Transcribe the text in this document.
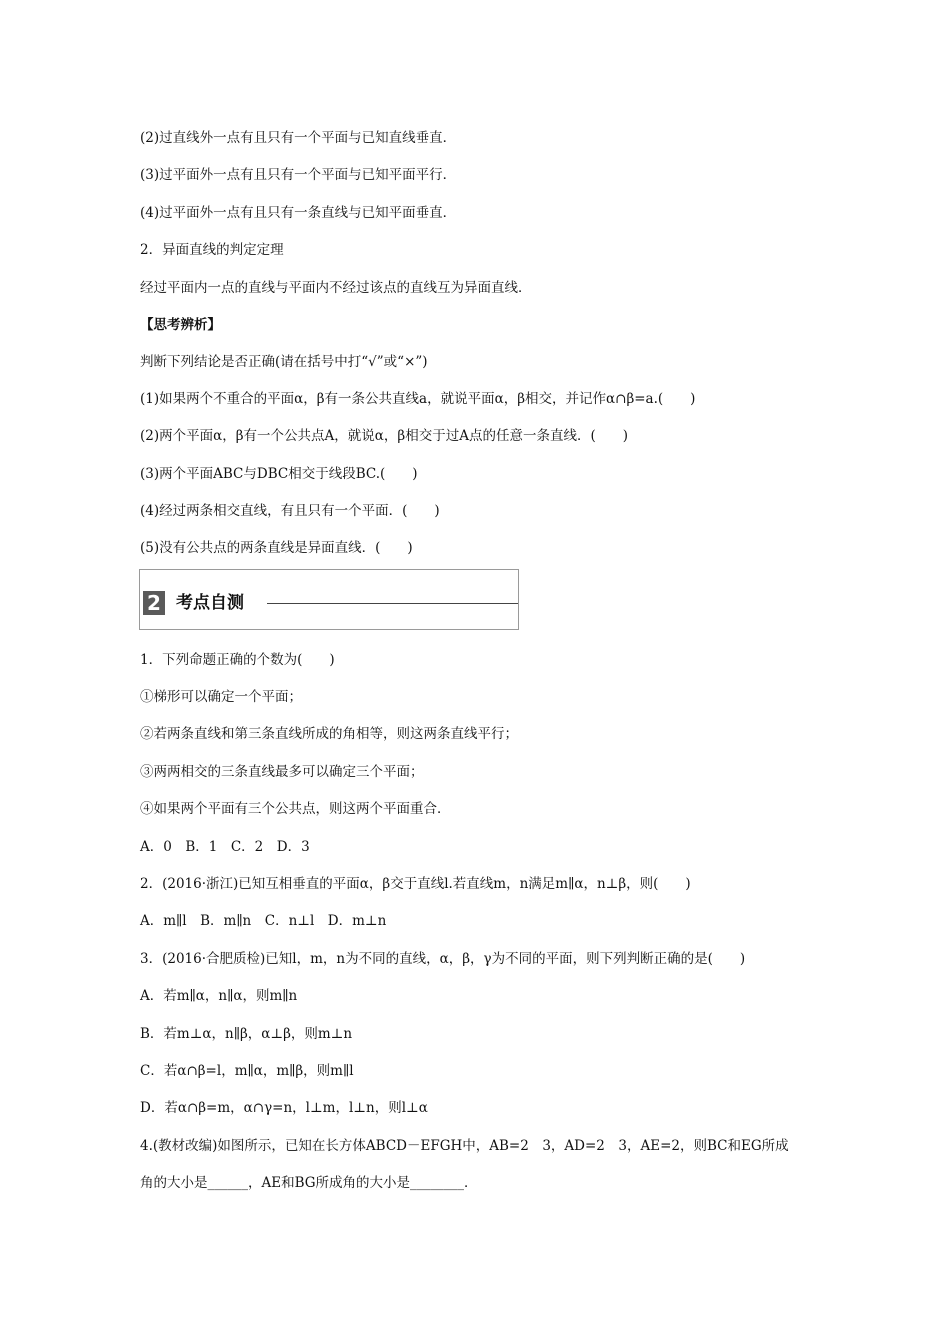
(2)过直线外一点有且只有一个平面与已知直线垂直．
(3)过平面外一点有且只有一个平面与已知平面平行．
(4)过平面外一点有且只有一条直线与已知平面垂直．
2．异面直线的判定定理
经过平面内一点的直线与平面内不经过该点的直线互为异面直线．
【思考辨析】
判断下列结论是否正确(请在括号中打“√”或“×”)
(1)如果两个不重合的平面α，β有一条公共直线a，就说平面α，β相交，并记作α∩β=a.(　　)
(2)两个平面α，β有一个公共点A，就说α，β相交于过A点的任意一条直线．(　　)
(3)两个平面ABC与DBC相交于线段BC.(　　)
(4)经过两条相交直线，有且只有一个平面．(　　)
(5)没有公共点的两条直线是异面直线．(　　)
2 考点自测
1．下列命题正确的个数为(　　)
①梯形可以确定一个平面；
②若两条直线和第三条直线所成的角相等，则这两条直线平行；
③两两相交的三条直线最多可以确定三个平面；
④如果两个平面有三个公共点，则这两个平面重合．
A．0　B．1　C．2　D．3
2．(2016·浙江)已知互相垂直的平面α，β交于直线l.若直线m，n满足m∥α，n⊥β，则(　　)
A．m∥l　B．m∥n　C．n⊥l　D．m⊥n
3．(2016·合肥质检)已知l，m，n为不同的直线，α，β，γ为不同的平面，则下列判断正确的是(　　)
A．若m∥α，n∥α，则m∥n
B．若m⊥α，n∥β，α⊥β，则m⊥n
C．若α∩β=l，m∥α，m∥β，则m∥l
D．若α∩β=m，α∩γ=n，l⊥m，l⊥n，则l⊥α
4.(教材改编)如图所示，已知在长方体ABCD－EFGH中，AB=2　3，AD=2　3，AE=2，则BC和EG所成
角的大小是______，AE和BG所成角的大小是________．
